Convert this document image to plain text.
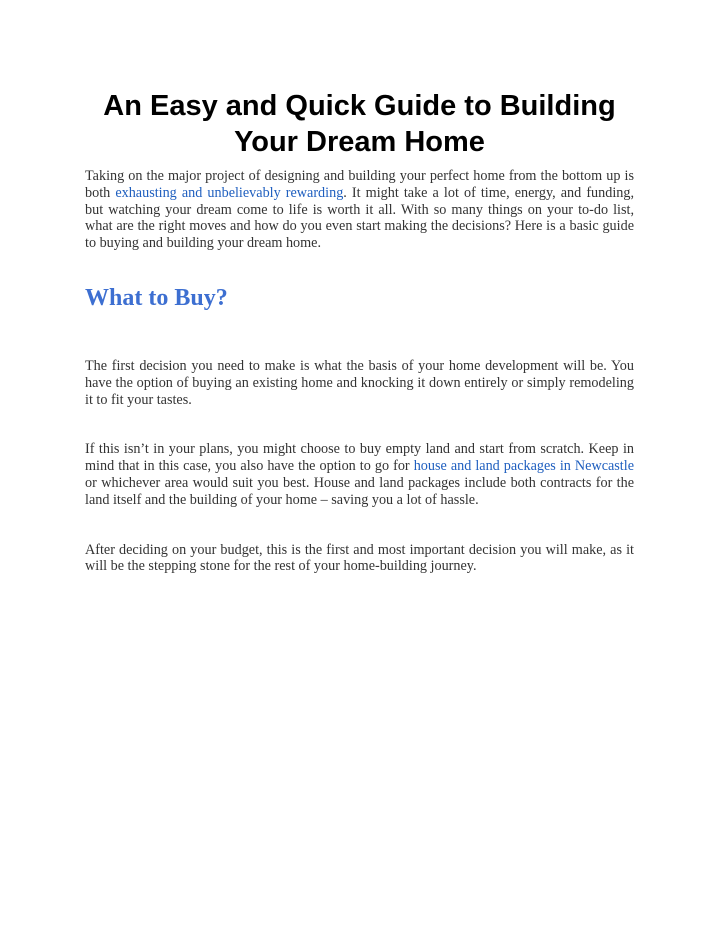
An Easy and Quick Guide to Building Your Dream Home

Taking on the major project of designing and building your perfect home from the bottom up is both exhausting and unbelievably rewarding. It might take a lot of time, energy, and funding, but watching your dream come to life is worth it all. With so many things on your to-do list, what are the right moves and how do you even start making the decisions? Here is a basic guide to buying and building your dream home.

What to Buy?

The first decision you need to make is what the basis of your home development will be. You have the option of buying an existing home and knocking it down entirely or simply remodeling it to fit your tastes.

If this isn’t in your plans, you might choose to buy empty land and start from scratch. Keep in mind that in this case, you also have the option to go for house and land packages in Newcastle or whichever area would suit you best. House and land packages include both contracts for the land itself and the building of your home – saving you a lot of hassle.

After deciding on your budget, this is the first and most important decision you will make, as it will be the stepping stone for the rest of your home-building journey.
